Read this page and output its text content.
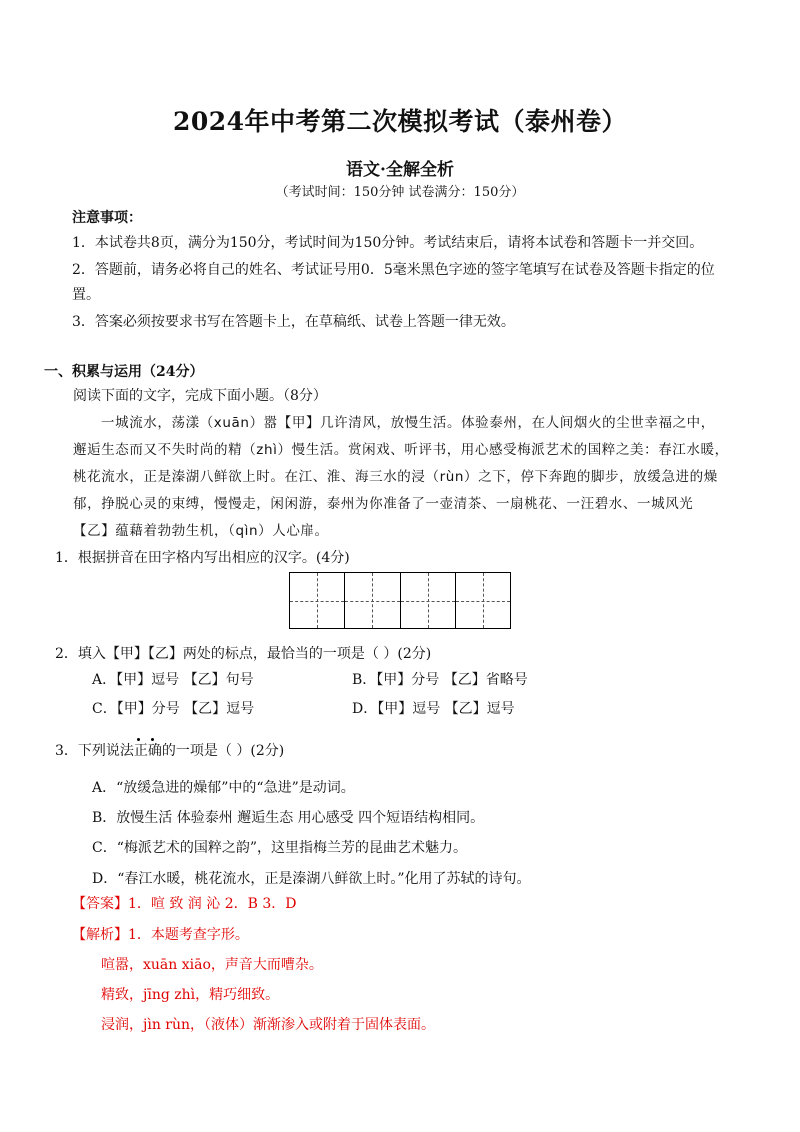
2024年中考第二次模拟考试（泰州卷）
语文·全解全析
（考试时间：150分钟 试卷满分：150分）
注意事项：
1．本试卷共8页，满分为150分，考试时间为150分钟。考试结束后，请将本试卷和答题卡一并交回。
2．答题前，请务必将自己的姓名、考试证号用0．5毫米黑色字迹的签字笔填写在试卷及答题卡指定的位
置。
3．答案必须按要求书写在答题卡上，在草稿纸、试卷上答题一律无效。
一、积累与运用（24分）
阅读下面的文字，完成下面小题。（8分）
一城流水，荡漾（xuān）嚣【甲】几许清风，放慢生活。体验泰州，在人间烟火的尘世幸福之中，
邂逅生态而又不失时尚的精（zhì）慢生活。赏闲戏、听评书，用心感受梅派艺术的国粹之美：春江水暖，
桃花流水，正是溱湖八鲜欲上时。在江、淮、海三水的浸（rùn）之下，停下奔跑的脚步，放缓急进的燥
郁，挣脱心灵的束缚，慢慢走，闲闲游，泰州为你准备了一壶清茶、一扇桃花、一汪碧水、一城风光
【乙】蕴藉着勃勃生机，（qìn）人心扉。
1．根据拼音在田字格内写出相应的汉字。(4分)
2．填入【甲】【乙】两处的标点，最恰当的一项是（ ）(2分)
A．【甲】逗号 【乙】句号	B．【甲】分号 【乙】省略号
C．【甲】分号 【乙】逗号	D．【甲】逗号 【乙】逗号
3．下列说法正确的一项是（ ）(2分)
A．“放缓急进的燥郁”中的“急进”是动词。
B．放慢生活 体验泰州 邂逅生态 用心感受 四个短语结构相同。
C．“梅派艺术的国粹之韵”，这里指梅兰芳的昆曲艺术魅力。
D．“春江水暖，桃花流水，正是溱湖八鲜欲上时。”化用了苏轼的诗句。
【答案】1．喧 致 润 沁 2．B 3．D
【解析】1．本题考查字形。
喧嚣，xuān xiāo，声音大而嘈杂。
精致，jīng zhì，精巧细致。
浸润，jìn rùn，（液体）渐渐渗入或附着于固体表面。
